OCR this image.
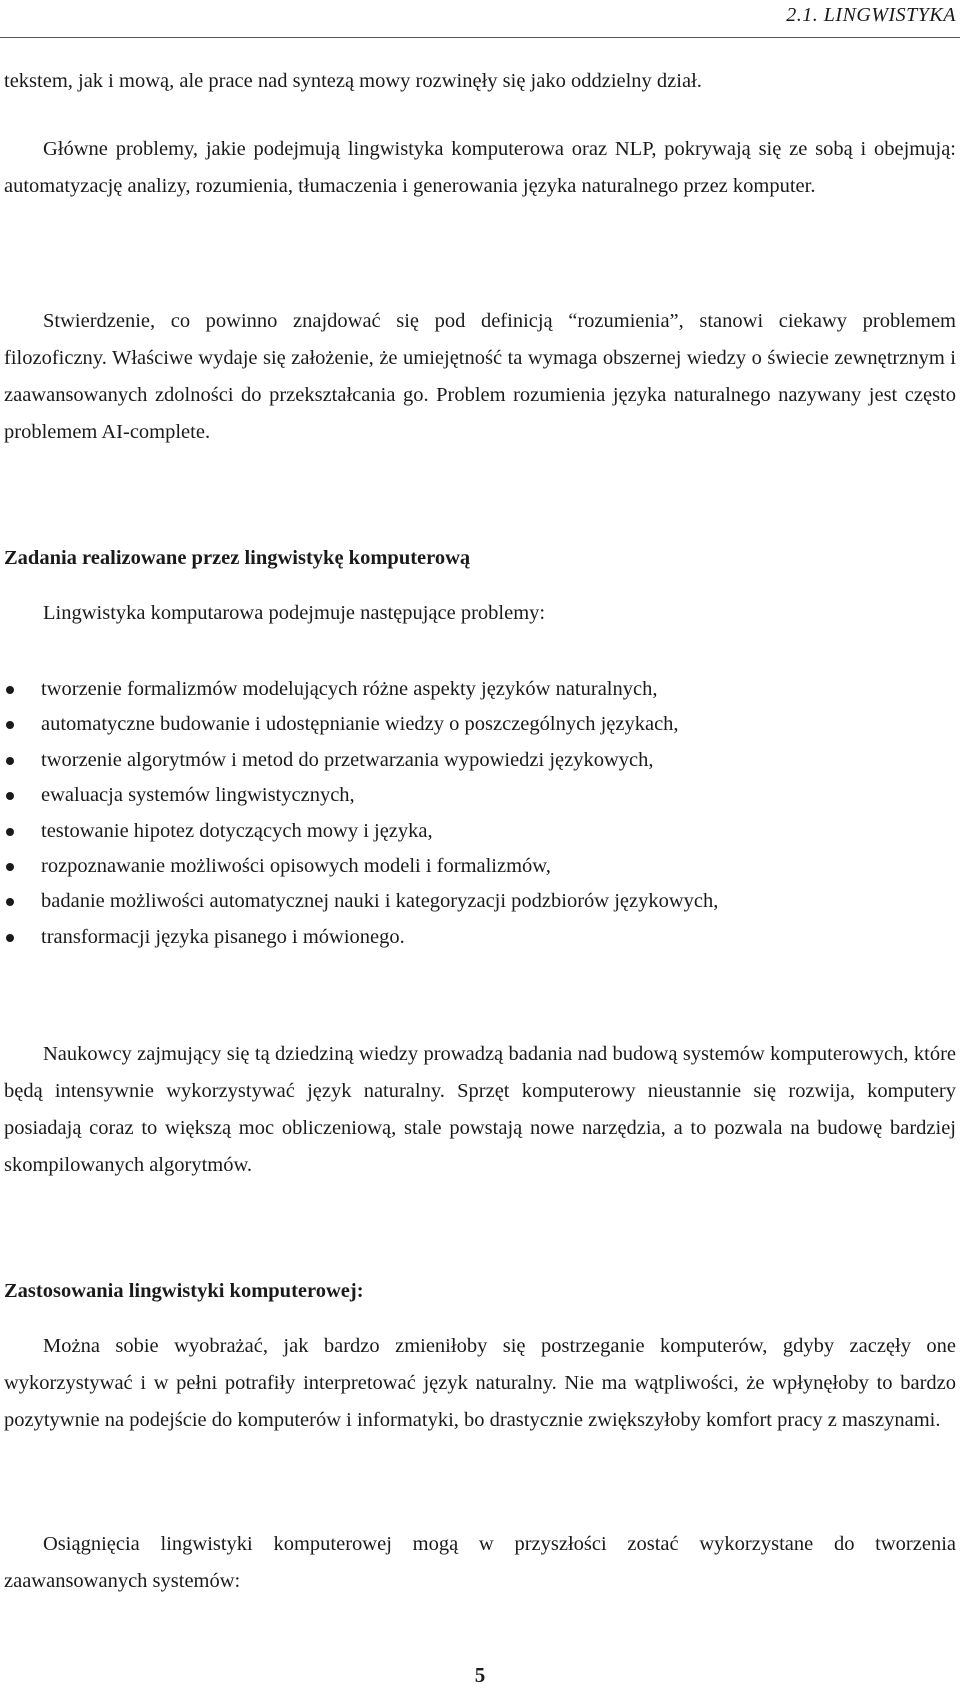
2.1. LINGWISTYKA

tekstem, jak i mową, ale prace nad syntezą mowy rozwinęły się jako oddzielny dział.

Główne problemy, jakie podejmują lingwistyka komputerowa oraz NLP, pokrywają się ze sobą i obejmują: automatyzację analizy, rozumienia, tłumaczenia i generowania języka naturalnego przez komputer.

Stwierdzenie, co powinno znajdować się pod definicją “rozumienia”, stanowi ciekawy problemem filozoficzny. Właściwe wydaje się założenie, że umiejętność ta wymaga obszernej wiedzy o świecie zewnętrznym i zaawansowanych zdolności do przekształcania go. Problem rozumienia języka naturalnego nazywany jest często problemem AI-complete.

Zadania realizowane przez lingwistykę komputerową

Lingwistyka komputarowa podejmuje następujące problemy:

tworzenie formalizmów modelujących różne aspekty języków naturalnych,
automatyczne budowanie i udostępnianie wiedzy o poszczególnych językach,
tworzenie algorytmów i metod do przetwarzania wypowiedzi językowych,
ewaluacja systemów lingwistycznych,
testowanie hipotez dotyczących mowy i języka,
rozpoznawanie możliwości opisowych modeli i formalizmów,
badanie możliwości automatycznej nauki i kategoryzacji podzbiorów językowych,
transformacji języka pisanego i mówionego.

Naukowcy zajmujący się tą dziedziną wiedzy prowadzą badania nad budową systemów komputerowych, które będą intensywnie wykorzystywać język naturalny. Sprzęt komputerowy nieustannie się rozwija, komputery posiadają coraz to większą moc obliczeniową, stale powstają nowe narzędzia, a to pozwala na budowę bardziej skompilowanych algorytmów.

Zastosowania lingwistyki komputerowej:

Można sobie wyobrażać, jak bardzo zmieniłoby się postrzeganie komputerów, gdyby zaczęły one wykorzystywać i w pełni potrafiły interpretować język naturalny. Nie ma wątpliwości, że wpłynęłoby to bardzo pozytywnie na podejście do komputerów i informatyki, bo drastycznie zwiększyłoby komfort pracy z maszynami.

Osiągnięcia lingwistyki komputerowej mogą w przyszłości zostać wykorzystane do tworzenia zaawansowanych systemów:

5
